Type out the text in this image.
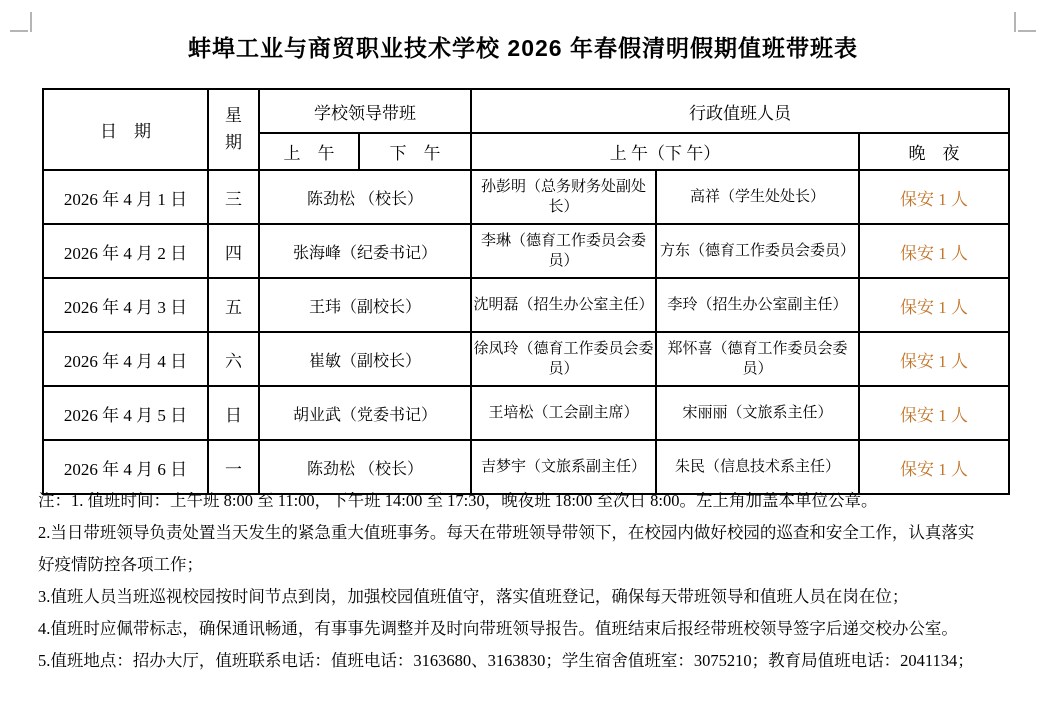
蚌埠工业与商贸职业技术学校 2026 年春假清明假期值班带班表
日　期	星期	学校领导带班		行政值班人员		
		上　午	下　午	上 午（下 午）		晚　夜
2026 年 4 月 1 日	三	陈劲松 （校长）		孙彭明（总务财务处副处长）	高祥（学生处处长）	保安 1 人
2026 年 4 月 2 日	四	张海峰（纪委书记）		李琳（德育工作委员会委员）	方东（德育工作委员会委员）	保安 1 人
2026 年 4 月 3 日	五	王玮（副校长）		沈明磊（招生办公室主任）	李玲（招生办公室副主任）	保安 1 人
2026 年 4 月 4 日	六	崔敏（副校长）		徐凤玲（德育工作委员会委员）	郑怀喜（德育工作委员会委员）	保安 1 人
2026 年 4 月 5 日	日	胡业武（党委书记）		王培松（工会副主席）	宋丽丽（文旅系主任）	保安 1 人
2026 年 4 月 6 日	一	陈劲松 （校长）		吉梦宇（文旅系副主任）	朱民（信息技术系主任）	保安 1 人
注：1. 值班时间：上午班 8:00 至 11:00，下午班 14:00 至 17:30，晚夜班 18:00 至次日 8:00。左上角加盖本单位公章。
2.当日带班领导负责处置当天发生的紧急重大值班事务。每天在带班领导带领下，在校园内做好校园的巡查和安全工作，认真落实
好疫情防控各项工作；
3.值班人员当班巡视校园按时间节点到岗，加强校园值班值守，落实值班登记，确保每天带班领导和值班人员在岗在位；
4.值班时应佩带标志，确保通讯畅通，有事事先调整并及时向带班领导报告。值班结束后报经带班校领导签字后递交校办公室。
5.值班地点：招办大厅，值班联系电话：值班电话：3163680、3163830；学生宿舍值班室：3075210；教育局值班电话：2041134；
